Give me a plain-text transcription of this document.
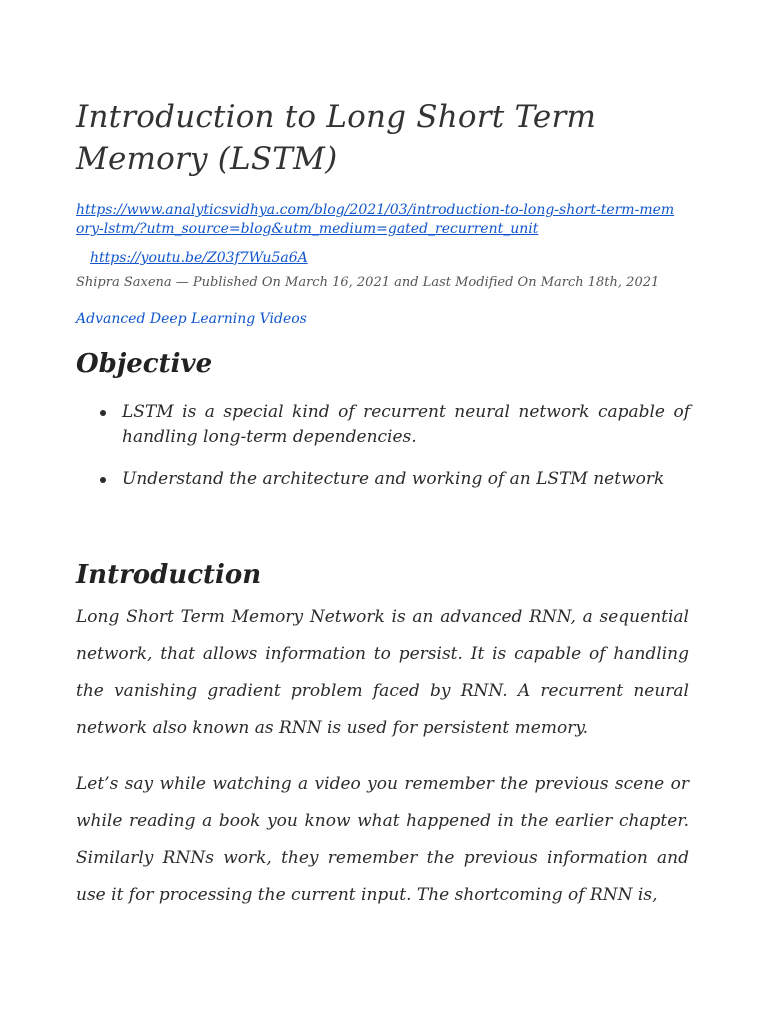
Introduction to Long Short Term Memory (LSTM)
https://www.analyticsvidhya.com/blog/2021/03/introduction-to-long-short-term-memory-lstm/?utm_source=blog&utm_medium=gated_recurrent_unit
https://youtu.be/Z03f7Wu5a6A
Shipra Saxena — Published On March 16, 2021 and Last Modified On March 18th, 2021
Advanced Deep Learning Videos
Objective
LSTM is a special kind of recurrent neural network capable of handling long-term dependencies.
Understand the architecture and working of an LSTM network
Introduction

Long Short Term Memory Network is an advanced RNN, a sequential network, that allows information to persist. It is capable of handling the vanishing gradient problem faced by RNN. A recurrent neural network also known as RNN is used for persistent memory.

Let’s say while watching a video you remember the previous scene or while reading a book you know what happened in the earlier chapter. Similarly RNNs work, they remember the previous information and use it for processing the current input. The shortcoming of RNN is,
